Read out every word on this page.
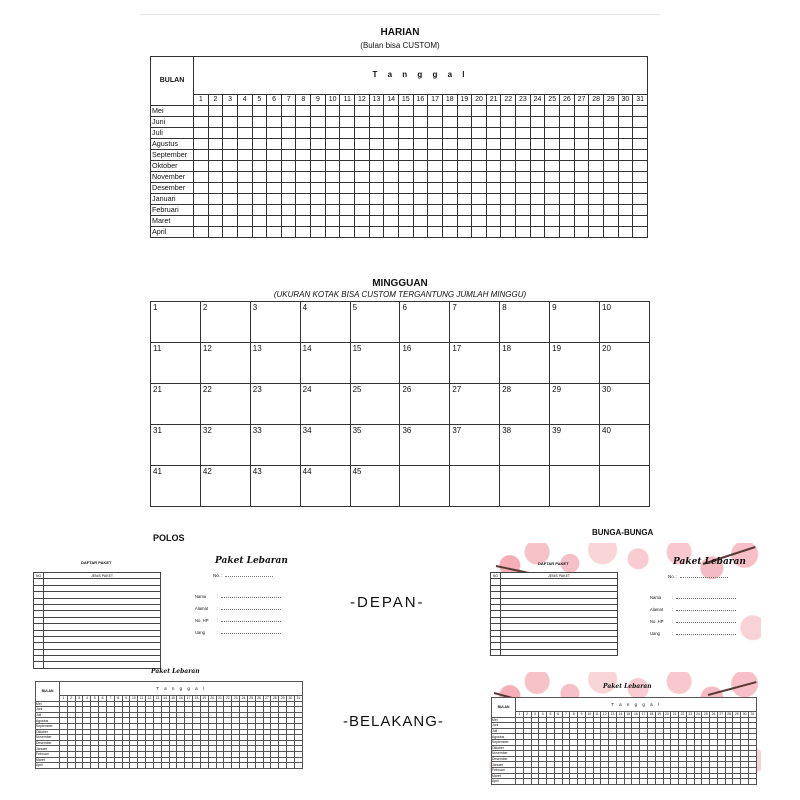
HARIAN
(Bulan bisa CUSTOM)
BULAN	T a n g g a l																														
	1	2	3	4	5	6	7	8	9	10	11	12	13	14	15	16	17	18	19	20	21	22	23	24	25	26	27	28	29	30	31
Mei																															
Juni																															
Juli																															
Agustus																															
September																															
Oktober																															
November																															
Desember																															
Januari																															
Februari																															
Maret																															
April																															
MINGGUAN
(UKURAN KOTAK BISA CUSTOM TERGANTUNG JUMLAH MINGGU)
1	2	3	4	5	6	7	8	9	10
11	12	13	14	15	16	17	18	19	20
21	22	23	24	25	26	27	28	29	30
31	32	33	34	35	36	37	38	39	40
41	42	43	44	45					
POLOS
BUNGA-BUNGA
-DEPAN-
-BELAKANG-
DAFTAR PAKET
NO	JENIS PAKET

Paket Lebaran
No. :
Nama	:
Alamat :
No. HP :
Uang	:
Paket Lebaran
BULAN	T a n g g a l																														
	1	2	3	4	5	6	7	8	9	10	11	12	13	14	15	16	17	18	19	20	21	22	23	24	25	26	27	28	29	30	31
Mei																															
Juni																															
Juli																															
Agustus																															
September																															
Oktober																															
November																															
Desember																															
Januari																															
Februari																															
Maret																															
April																															
DAFTAR PAKET
NO	JENIS PAKET

Paket Lebaran
No. :
Nama	:
Alamat :
No. HP :
Uang	:
Paket Lebaran
BULAN	T a n g g a l																														
	1	2	3	4	5	6	7	8	9	10	11	12	13	14	15	16	17	18	19	20	21	22	23	24	25	26	27	28	29	30	31
Mei																															
Juni																															
Juli																															
Agustus																															
September																															
Oktober																															
November																															
Desember																															
Januari																															
Februari																															
Maret																															
April																															
